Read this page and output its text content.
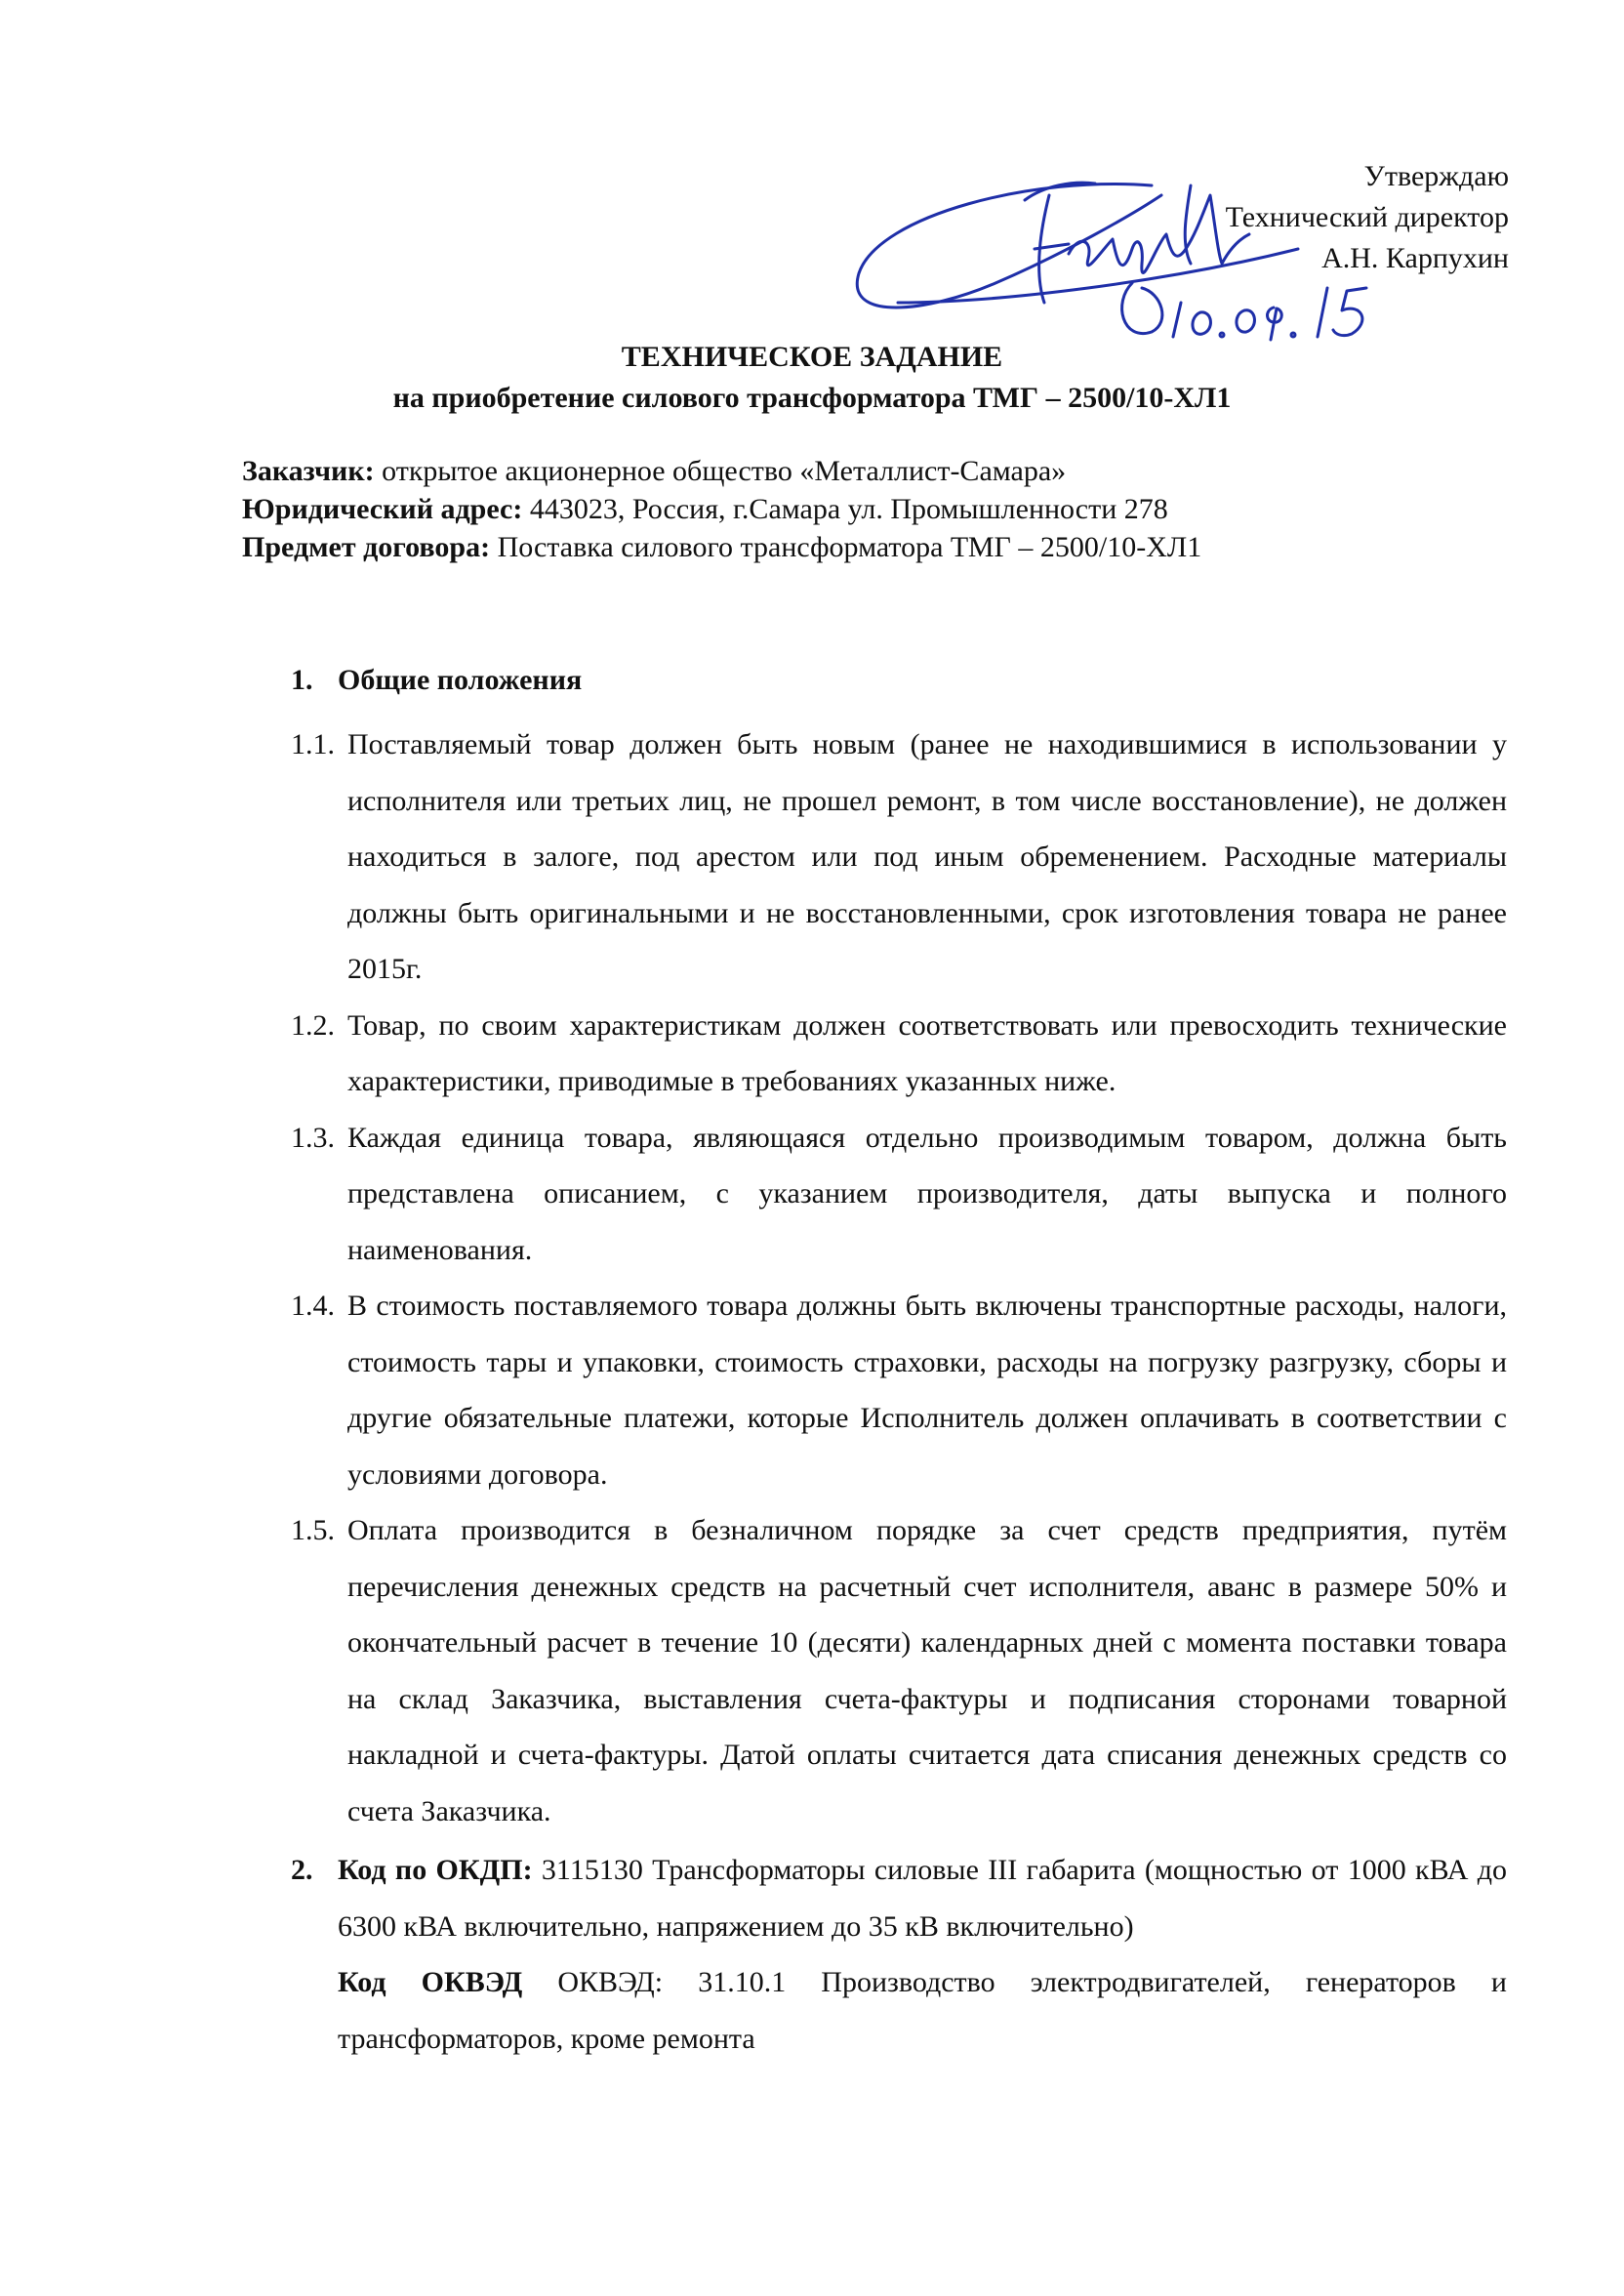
Утверждаю
Технический директор
А.Н. Карпухин
ТЕХНИЧЕСКОЕ ЗАДАНИЕ
на приобретение силового трансформатора ТМГ – 2500/10-ХЛ1
Заказчик: открытое акционерное общество «Металлист-Самара»
Юридический адрес: 443023, Россия, г.Самара ул. Промышленности 278
Предмет договора: Поставка силового трансформатора ТМГ – 2500/10-ХЛ1
1. Общие положения
1.1. Поставляемый товар должен быть новым (ранее не находившимися в использовании у исполнителя или третьих лиц, не прошел ремонт, в том числе восстановление), не должен находиться в залоге, под арестом или под иным обременением. Расходные материалы должны быть оригинальными и не восстановленными, срок изготовления товара не ранее 2015г.
1.2. Товар, по своим характеристикам должен соответствовать или превосходить технические характеристики, приводимые в требованиях указанных ниже.
1.3. Каждая единица товара, являющаяся отдельно производимым товаром, должна быть представлена описанием, с указанием производителя, даты выпуска и полного наименования.
1.4. В стоимость поставляемого товара должны быть включены транспортные расходы, налоги, стоимость тары и упаковки, стоимость страховки, расходы на погрузку разгрузку, сборы и другие обязательные платежи, которые Исполнитель должен оплачивать в соответствии с условиями договора.
1.5. Оплата производится в безналичном порядке за счет средств предприятия, путём перечисления денежных средств на расчетный счет исполнителя, аванс в размере 50% и окончательный расчет в течение 10 (десяти) календарных дней с момента поставки товара на склад Заказчика, выставления счета-фактуры и подписания сторонами товарной накладной и счета-фактуры. Датой оплаты считается дата списания денежных средств со счета Заказчика.
2. Код по ОКДП: 3115130 Трансформаторы силовые III габарита (мощностью от 1000 кВА до 6300 кВА включительно, напряжением до 35 кВ включительно)
Код ОКВЭД ОКВЭД: 31.10.1 Производство электродвигателей, генераторов и трансформаторов, кроме ремонта
